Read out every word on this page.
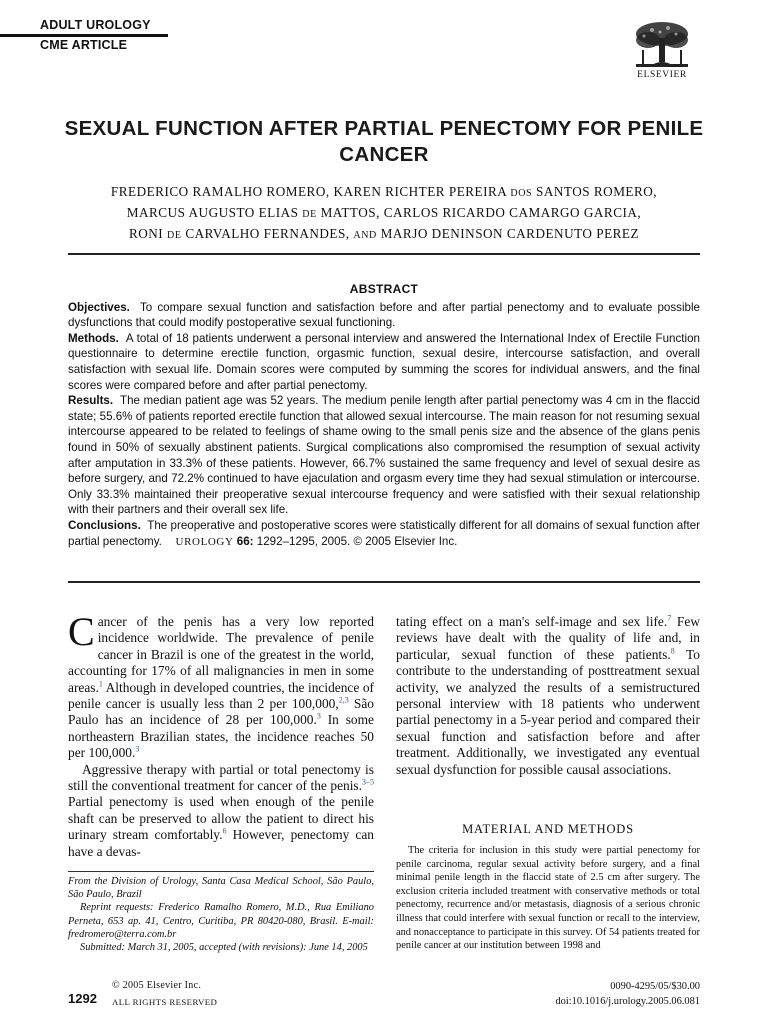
ADULT UROLOGY
CME ARTICLE
ELSEVIER
SEXUAL FUNCTION AFTER PARTIAL PENECTOMY FOR PENILE CANCER
FREDERICO RAMALHO ROMERO, KAREN RICHTER PEREIRA DOS SANTOS ROMERO,
MARCUS AUGUSTO ELIAS DE MATTOS, CARLOS RICARDO CAMARGO GARCIA,
RONI DE CARVALHO FERNANDES, AND MARJO DENINSON CARDENUTO PEREZ
ABSTRACT
Objectives. To compare sexual function and satisfaction before and after partial penectomy and to evaluate possible dysfunctions that could modify postoperative sexual functioning.
Methods. A total of 18 patients underwent a personal interview and answered the International Index of Erectile Function questionnaire to determine erectile function, orgasmic function, sexual desire, intercourse satisfaction, and overall satisfaction with sexual life. Domain scores were computed by summing the scores for individual answers, and the final scores were compared before and after partial penectomy.
Results. The median patient age was 52 years. The medium penile length after partial penectomy was 4 cm in the flaccid state; 55.6% of patients reported erectile function that allowed sexual intercourse. The main reason for not resuming sexual intercourse appeared to be related to feelings of shame owing to the small penis size and the absence of the glans penis found in 50% of sexually abstinent patients. Surgical complications also compromised the resumption of sexual activity after amputation in 33.3% of these patients. However, 66.7% sustained the same frequency and level of sexual desire as before surgery, and 72.2% continued to have ejaculation and orgasm every time they had sexual stimulation or intercourse. Only 33.3% maintained their preoperative sexual intercourse frequency and were satisfied with their sexual relationship with their partners and their overall sex life.
Conclusions. The preoperative and postoperative scores were statistically different for all domains of sexual function after partial penectomy. UROLOGY 66: 1292–1295, 2005. © 2005 Elsevier Inc.

Cancer of the penis has a very low reported incidence worldwide. The prevalence of penile cancer in Brazil is one of the greatest in the world, accounting for 17% of all malignancies in men in some areas.$^1$ Although in developed countries, the incidence of penile cancer is usually less than 2 per 100,000,$^{2,3}$ São Paulo has an incidence of 28 per 100,000.$^3$ In some northeastern Brazilian states, the incidence reaches 50 per 100,000.$^3$

Aggressive therapy with partial or total penectomy is still the conventional treatment for cancer of the penis.$^{3-5}$ Partial penectomy is used when enough of the penile shaft can be preserved to allow the patient to direct his urinary stream comfortably.$^6$ However, penectomy can have a devas-

tating effect on a man's self-image and sex life.$^7$ Few reviews have dealt with the quality of life and, in particular, sexual function of these patients.$^8$ To contribute to the understanding of posttreatment sexual activity, we analyzed the results of a semistructured personal interview with 18 patients who underwent partial penectomy in a 5-year period and compared their sexual function and satisfaction before and after treatment. Additionally, we investigated any eventual sexual dysfunction for possible causal associations.

From the Division of Urology, Santa Casa Medical School, São Paulo, São Paulo, Brazil

Reprint requests: Frederico Ramalho Romero, M.D., Rua Emiliano Perneta, 653 ap. 41, Centro, Curitiba, PR 80420-080, Brasil. E-mail: fredromero@terra.com.br

Submitted: March 31, 2005, accepted (with revisions): June 14, 2005

MATERIAL AND METHODS
The criteria for inclusion in this study were partial penectomy for penile carcinoma, regular sexual activity before surgery, and a final minimal penile length in the flaccid state of 2.5 cm after surgery. The exclusion criteria included treatment with conservative methods or total penectomy, recurrence and/or metastasis, diagnosis of a serious chronic illness that could interfere with sexual function or recall to the interview, and nonacceptance to participate in this survey. Of 54 patients treated for penile cancer at our institution between 1998 and
© 2005 Elsevier Inc.
1292 ALL RIGHTS RESERVED
0090-4295/05/$30.00
doi:10.1016/j.urology.2005.06.081
